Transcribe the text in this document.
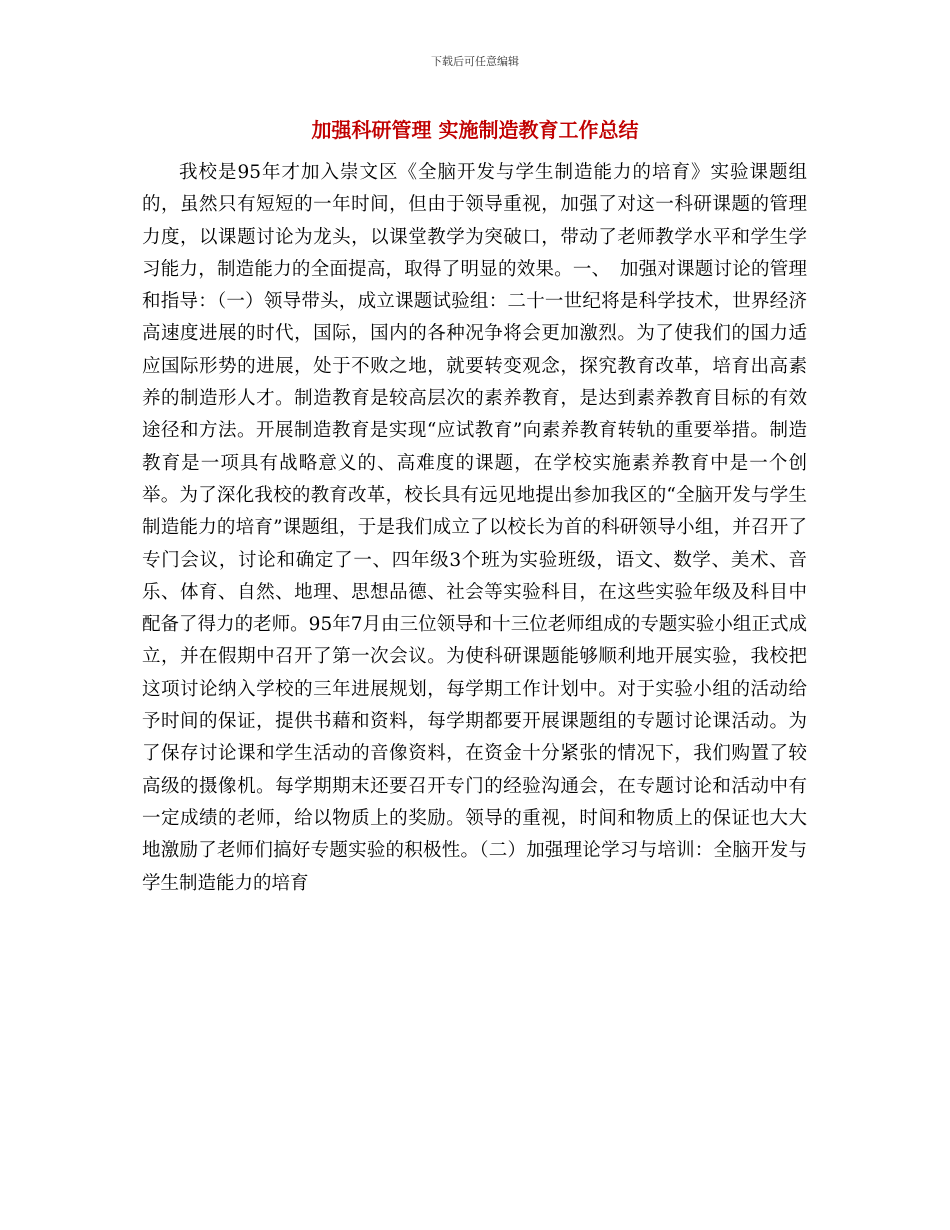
下载后可任意编辑
加强科研管理 实施制造教育工作总结

我校是95年才加入崇文区《全脑开发与学生制造能力的培育》实验课题组的，虽然只有短短的一年时间，但由于领导重视，加强了对这一科研课题的管理力度，以课题讨论为龙头，以课堂教学为突破口，带动了老师教学水平和学生学习能力，制造能力的全面提高，取得了明显的效果。一、　加强对课题讨论的管理和指导：（一）领导带头，成立课题试验组：二十一世纪将是科学技术，世界经济高速度进展的时代，国际，国内的各种况争将会更加激烈。为了使我们的国力适应国际形势的进展，处于不败之地，就要转变观念，探究教育改革，培育出高素养的制造形人才。制造教育是较高层次的素养教育，是达到素养教育目标的有效途径和方法。开展制造教育是实现“应试教育”向素养教育转轨的重要举措。制造教育是一项具有战略意义的、高难度的课题，在学校实施素养教育中是一个创举。为了深化我校的教育改革，校长具有远见地提出参加我区的“全脑开发与学生制造能力的培育”课题组，于是我们成立了以校长为首的科研领导小组，并召开了专门会议，讨论和确定了一、四年级3个班为实验班级，语文、数学、美术、音乐、体育、自然、地理、思想品德、社会等实验科目，在这些实验年级及科目中配备了得力的老师。95年7月由三位领导和十三位老师组成的专题实验小组正式成立，并在假期中召开了第一次会议。为使科研课题能够顺利地开展实验，我校把这项讨论纳入学校的三年进展规划，每学期工作计划中。对于实验小组的活动给予时间的保证，提供书藉和资料，每学期都要开展课题组的专题讨论课活动。为了保存讨论课和学生活动的音像资料，在资金十分紧张的情况下，我们购置了较高级的摄像机。每学期期末还要召开专门的经验沟通会，在专题讨论和活动中有一定成绩的老师，给以物质上的奖励。领导的重视，时间和物质上的保证也大大地激励了老师们搞好专题实验的积极性。（二）加强理论学习与培训：全脑开发与学生制造能力的培育
